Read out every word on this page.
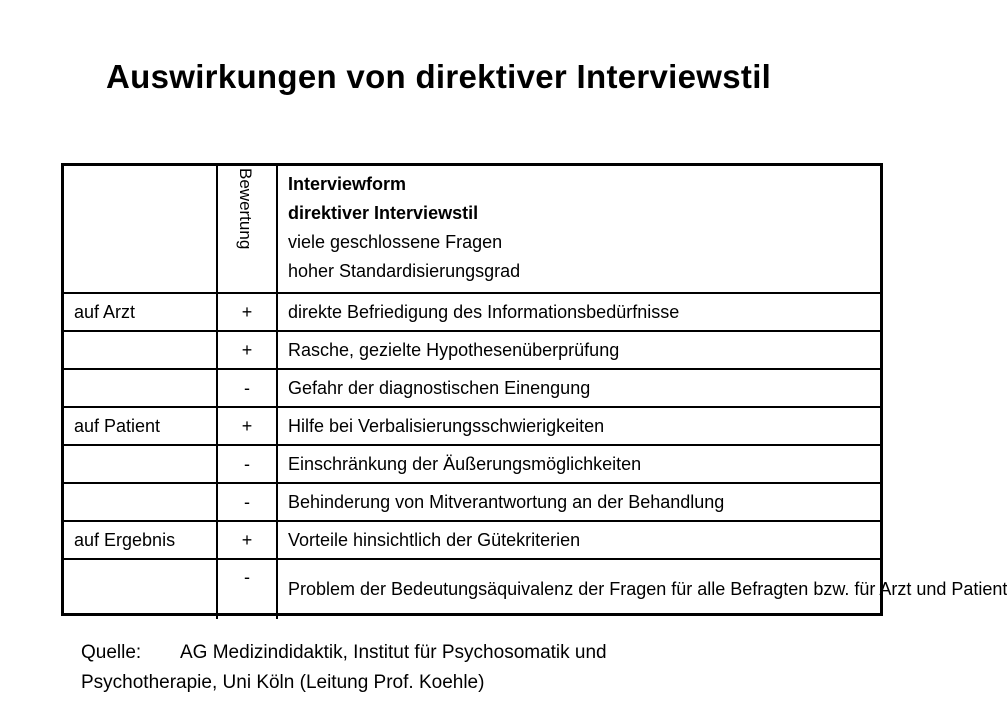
Auswirkungen von direktiver Interviewstil

	Bewertung	Interviewform
direktiver Interviewstil
viele geschlossene Fragen
hoher Standardisierungsgrad

auf Arzt	+	direkte Befriedigung des Informationsbedürfnisse
	+	Rasche, gezielte Hypothesenüberprüfung
	-	Gefahr der diagnostischen Einengung
auf Patient	+	Hilfe bei Verbalisierungsschwierigkeiten
	-	Einschränkung der Äußerungsmöglichkeiten
	-	Behinderung von Mitverantwortung an der Behandlung
auf Ergebnis	+	Vorteile hinsichtlich der Gütekriterien
	-	Problem der Bedeutungsäquivalenz der Fragen für alle Befragten bzw. für Arzt und Patient
Quelle: AG Medizindidaktik, Institut für Psychosomatik und
Psychotherapie, Uni Köln (Leitung Prof. Koehle)
